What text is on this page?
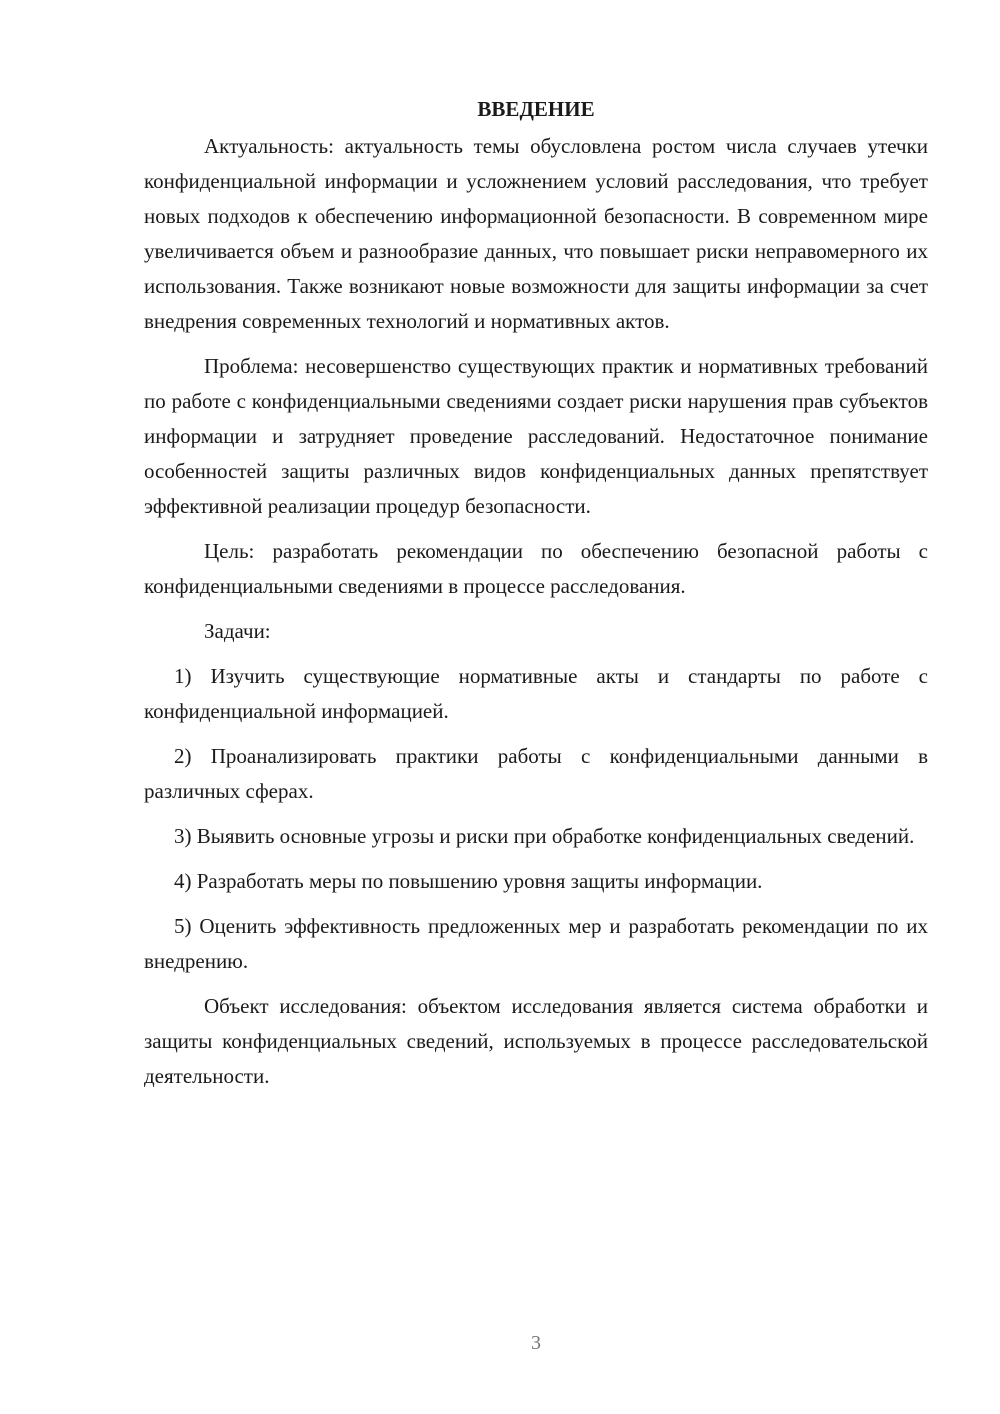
ВВЕДЕНИЕ

Актуальность: актуальность темы обусловлена ростом числа случаев утечки конфиденциальной информации и усложнением условий расследования, что требует новых подходов к обеспечению информационной безопасности. В современном мире увеличивается объем и разнообразие данных, что повышает риски неправомерного их использования. Также возникают новые возможности для защиты информации за счет внедрения современных технологий и нормативных актов.

Проблема: несовершенство существующих практик и нормативных требований по работе с конфиденциальными сведениями создает риски нарушения прав субъектов информации и затрудняет проведение расследований. Недостаточное понимание особенностей защиты различных видов конфиденциальных данных препятствует эффективной реализации процедур безопасности.

Цель: разработать рекомендации по обеспечению безопасной работы с конфиденциальными сведениями в процессе расследования.

Задачи:

1) Изучить существующие нормативные акты и стандарты по работе с конфиденциальной информацией.

2) Проанализировать практики работы с конфиденциальными данными в различных сферах.

3) Выявить основные угрозы и риски при обработке конфиденциальных сведений.

4) Разработать меры по повышению уровня защиты информации.

5) Оценить эффективность предложенных мер и разработать рекомендации по их внедрению.

Объект исследования: объектом исследования является система обработки и защиты конфиденциальных сведений, используемых в процессе расследовательской деятельности.

3
